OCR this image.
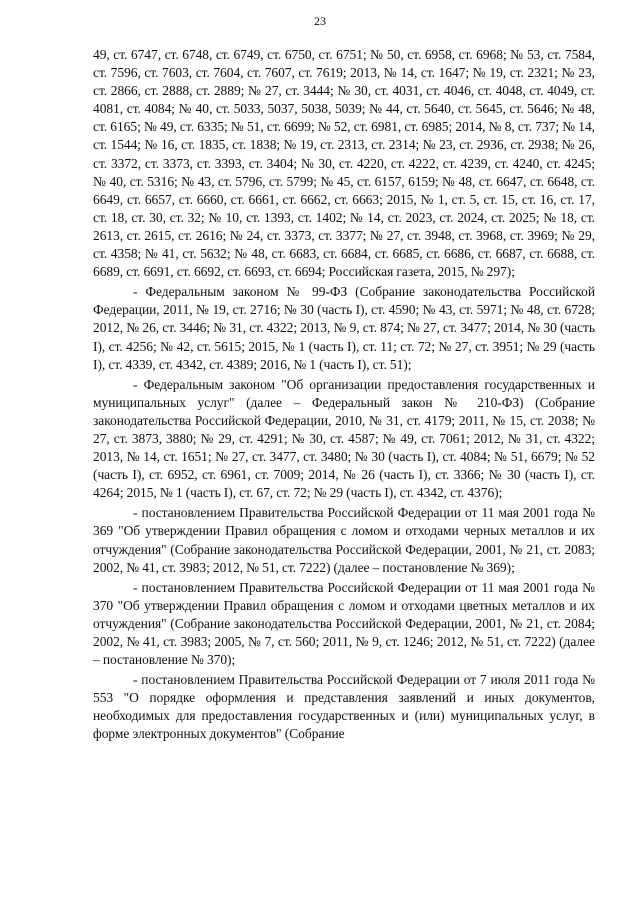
23

49, ст. 6747, ст. 6748, ст. 6749, ст. 6750, ст. 6751; № 50, ст. 6958, ст. 6968; № 53, ст. 7584, ст. 7596, ст. 7603, ст. 7604, ст. 7607, ст. 7619; 2013, № 14, ст. 1647; № 19, ст. 2321; № 23, ст. 2866, ст. 2888, ст. 2889; № 27, ст. 3444; № 30, ст. 4031, ст. 4046, ст. 4048, ст. 4049, ст. 4081, ст. 4084; № 40, ст. 5033, 5037, 5038, 5039; № 44, ст. 5640, ст. 5645, ст. 5646; № 48, ст. 6165; № 49, ст. 6335; № 51, ст. 6699; № 52, ст. 6981, ст. 6985; 2014, № 8, ст. 737; № 14, ст. 1544; № 16, ст. 1835, ст. 1838; № 19, ст. 2313, ст. 2314; № 23, ст. 2936, ст. 2938; № 26, ст. 3372, ст. 3373, ст. 3393, ст. 3404; № 30, ст. 4220, ст. 4222, ст. 4239, ст. 4240, ст. 4245; № 40, ст. 5316; № 43, ст. 5796, ст. 5799; № 45, ст. 6157, 6159; № 48, ст. 6647, ст. 6648, ст. 6649, ст. 6657, ст. 6660, ст. 6661, ст. 6662, ст. 6663; 2015, № 1, ст. 5, ст. 15, ст. 16, ст. 17, ст. 18, ст. 30, ст. 32; № 10, ст. 1393, ст. 1402; № 14, ст. 2023, ст. 2024, ст. 2025; № 18, ст. 2613, ст. 2615, ст. 2616; № 24, ст. 3373, ст. 3377; № 27, ст. 3948, ст. 3968, ст. 3969; № 29, ст. 4358; № 41, ст. 5632; № 48, ст. 6683, ст. 6684, ст. 6685, ст. 6686, ст. 6687, ст. 6688, ст. 6689, ст. 6691, ст. 6692, ст. 6693, ст. 6694; Российская газета, 2015, № 297);

- Федеральным законом № 99-ФЗ (Собрание законодательства Российской Федерации, 2011, № 19, ст. 2716; № 30 (часть I), ст. 4590; № 43, ст. 5971; № 48, ст. 6728; 2012, № 26, ст. 3446; № 31, ст. 4322; 2013, № 9, ст. 874; № 27, ст. 3477; 2014, № 30 (часть I), ст. 4256; № 42, ст. 5615; 2015, № 1 (часть I), ст. 11; ст. 72; № 27, ст. 3951; № 29 (часть I), ст. 4339, ст. 4342, ст. 4389; 2016, № 1 (часть I), ст. 51);

- Федеральным законом "Об организации предоставления государственных и муниципальных услуг" (далее – Федеральный закон № 210-ФЗ) (Собрание законодательства Российской Федерации, 2010, № 31, ст. 4179; 2011, № 15, ст. 2038; № 27, ст. 3873, 3880; № 29, ст. 4291; № 30, ст. 4587; № 49, ст. 7061; 2012, № 31, ст. 4322; 2013, № 14, ст. 1651; № 27, ст. 3477, ст. 3480; № 30 (часть I), ст. 4084; № 51, 6679; № 52 (часть I), ст. 6952, ст. 6961, ст. 7009; 2014, № 26 (часть I), ст. 3366; № 30 (часть I), ст. 4264; 2015, № 1 (часть I), ст. 67, ст. 72; № 29 (часть I), ст. 4342, ст. 4376);

- постановлением Правительства Российской Федерации от 11 мая 2001 года № 369 "Об утверждении Правил обращения с ломом и отходами черных металлов и их отчуждения" (Собрание законодательства Российской Федерации, 2001, № 21, ст. 2083; 2002, № 41, ст. 3983; 2012, № 51, ст. 7222) (далее – постановление № 369);

- постановлением Правительства Российской Федерации от 11 мая 2001 года № 370 "Об утверждении Правил обращения с ломом и отходами цветных металлов и их отчуждения" (Собрание законодательства Российской Федерации, 2001, № 21, ст. 2084; 2002, № 41, ст. 3983; 2005, № 7, ст. 560; 2011, № 9, ст. 1246; 2012, № 51, ст. 7222) (далее – постановление № 370);

- постановлением Правительства Российской Федерации от 7 июля 2011 года № 553 "О порядке оформления и представления заявлений и иных документов, необходимых для предоставления государственных и (или) муниципальных услуг, в форме электронных документов" (Собрание
